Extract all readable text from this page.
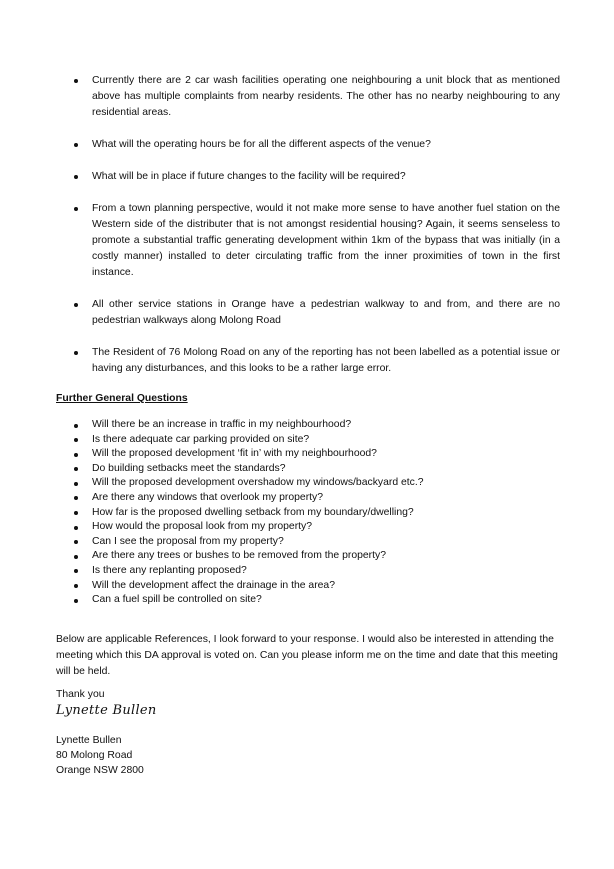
Currently there are 2 car wash facilities operating one neighbouring a unit block that as mentioned above has multiple complaints from nearby residents. The other has no nearby neighbouring to any residential areas.
What will the operating hours be for all the different aspects of the venue?
What will be in place if future changes to the facility will be required?
From a town planning perspective, would it not make more sense to have another fuel station on the Western side of the distributer that is not amongst residential housing? Again, it seems senseless to promote a substantial traffic generating development within 1km of the bypass that was initially (in a costly manner) installed to deter circulating traffic from the inner proximities of town in the first instance.
All other service stations in Orange have a pedestrian walkway to and from, and there are no pedestrian walkways along Molong Road
The Resident of 76 Molong Road on any of the reporting has not been labelled as a potential issue or having any disturbances, and this looks to be a rather large error.

Further General Questions

Will there be an increase in traffic in my neighbourhood?
Is there adequate car parking provided on site?
Will the proposed development ‘fit in’ with my neighbourhood?
Do building setbacks meet the standards?
Will the proposed development overshadow my windows/backyard etc.?
Are there any windows that overlook my property?
How far is the proposed dwelling setback from my boundary/dwelling?
How would the proposal look from my property?
Can I see the proposal from my property?
Are there any trees or bushes to be removed from the property?
Is there any replanting proposed?
Will the development affect the drainage in the area?
Can a fuel spill be controlled on site?

Below are applicable References, I look forward to your response. I would also be interested in attending the meeting which this DA approval is voted on. Can you please inform me on the time and date that this meeting will be held.

Thank you

Lynette Bullen

Lynette Bullen
80 Molong Road
Orange NSW 2800
